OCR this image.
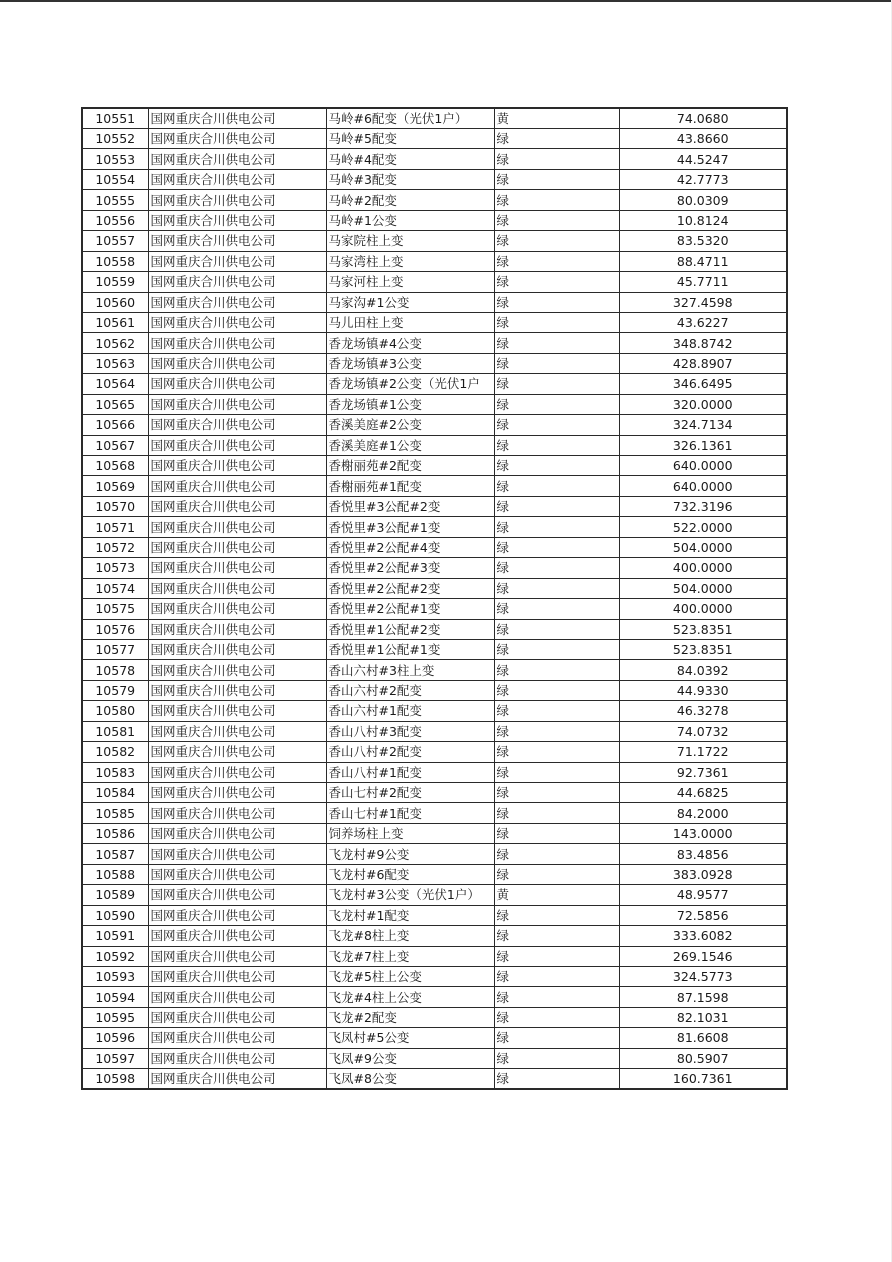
10551	国网重庆合川供电公司	马岭#6配变（光伏1户）	黄	74.0680
10552	国网重庆合川供电公司	马岭#5配变	绿	43.8660
10553	国网重庆合川供电公司	马岭#4配变	绿	44.5247
10554	国网重庆合川供电公司	马岭#3配变	绿	42.7773
10555	国网重庆合川供电公司	马岭#2配变	绿	80.0309
10556	国网重庆合川供电公司	马岭#1公变	绿	10.8124
10557	国网重庆合川供电公司	马家院柱上变	绿	83.5320
10558	国网重庆合川供电公司	马家湾柱上变	绿	88.4711
10559	国网重庆合川供电公司	马家河柱上变	绿	45.7711
10560	国网重庆合川供电公司	马家沟#1公变	绿	327.4598
10561	国网重庆合川供电公司	马儿田柱上变	绿	43.6227
10562	国网重庆合川供电公司	香龙场镇#4公变	绿	348.8742
10563	国网重庆合川供电公司	香龙场镇#3公变	绿	428.8907
10564	国网重庆合川供电公司	香龙场镇#2公变（光伏1户	绿	346.6495
10565	国网重庆合川供电公司	香龙场镇#1公变	绿	320.0000
10566	国网重庆合川供电公司	香溪美庭#2公变	绿	324.7134
10567	国网重庆合川供电公司	香溪美庭#1公变	绿	326.1361
10568	国网重庆合川供电公司	香榭丽苑#2配变	绿	640.0000
10569	国网重庆合川供电公司	香榭丽苑#1配变	绿	640.0000
10570	国网重庆合川供电公司	香悦里#3公配#2变	绿	732.3196
10571	国网重庆合川供电公司	香悦里#3公配#1变	绿	522.0000
10572	国网重庆合川供电公司	香悦里#2公配#4变	绿	504.0000
10573	国网重庆合川供电公司	香悦里#2公配#3变	绿	400.0000
10574	国网重庆合川供电公司	香悦里#2公配#2变	绿	504.0000
10575	国网重庆合川供电公司	香悦里#2公配#1变	绿	400.0000
10576	国网重庆合川供电公司	香悦里#1公配#2变	绿	523.8351
10577	国网重庆合川供电公司	香悦里#1公配#1变	绿	523.8351
10578	国网重庆合川供电公司	香山六村#3柱上变	绿	84.0392
10579	国网重庆合川供电公司	香山六村#2配变	绿	44.9330
10580	国网重庆合川供电公司	香山六村#1配变	绿	46.3278
10581	国网重庆合川供电公司	香山八村#3配变	绿	74.0732
10582	国网重庆合川供电公司	香山八村#2配变	绿	71.1722
10583	国网重庆合川供电公司	香山八村#1配变	绿	92.7361
10584	国网重庆合川供电公司	香山七村#2配变	绿	44.6825
10585	国网重庆合川供电公司	香山七村#1配变	绿	84.2000
10586	国网重庆合川供电公司	饲养场柱上变	绿	143.0000
10587	国网重庆合川供电公司	飞龙村#9公变	绿	83.4856
10588	国网重庆合川供电公司	飞龙村#6配变	绿	383.0928
10589	国网重庆合川供电公司	飞龙村#3公变（光伏1户）	黄	48.9577
10590	国网重庆合川供电公司	飞龙村#1配变	绿	72.5856
10591	国网重庆合川供电公司	飞龙#8柱上变	绿	333.6082
10592	国网重庆合川供电公司	飞龙#7柱上变	绿	269.1546
10593	国网重庆合川供电公司	飞龙#5柱上公变	绿	324.5773
10594	国网重庆合川供电公司	飞龙#4柱上公变	绿	87.1598
10595	国网重庆合川供电公司	飞龙#2配变	绿	82.1031
10596	国网重庆合川供电公司	飞凤村#5公变	绿	81.6608
10597	国网重庆合川供电公司	飞凤#9公变	绿	80.5907
10598	国网重庆合川供电公司	飞凤#8公变	绿	160.7361
